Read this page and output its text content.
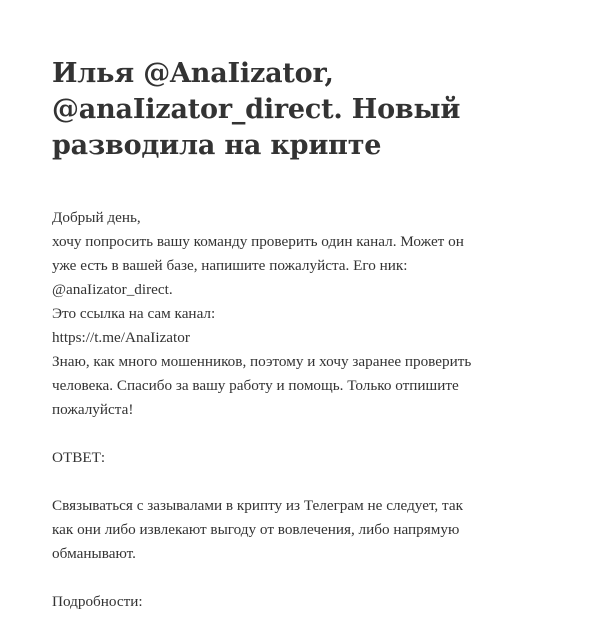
Илья @AnaIizator,
@anaIizator_direct. Новый
разводила на крипте

Добрый день,
хочу попросить вашу команду проверить один канал. Может он
уже есть в вашей базе, напишите пожалуйста. Его ник:
@anaIizator_direct.
Это ссылка на сам канал:
https://t.me/AnaIizator
Знаю, как много мошенников, поэтому и хочу заранее проверить
человека. Спасибо за вашу работу и помощь. Только отпишите
пожалуйста!

ОТВЕТ:

Связываться с зазывалами в крипту из Телеграм не следует, так
как они либо извлекают выгоду от вовлечения, либо напрямую
обманывают.

Подробности:
